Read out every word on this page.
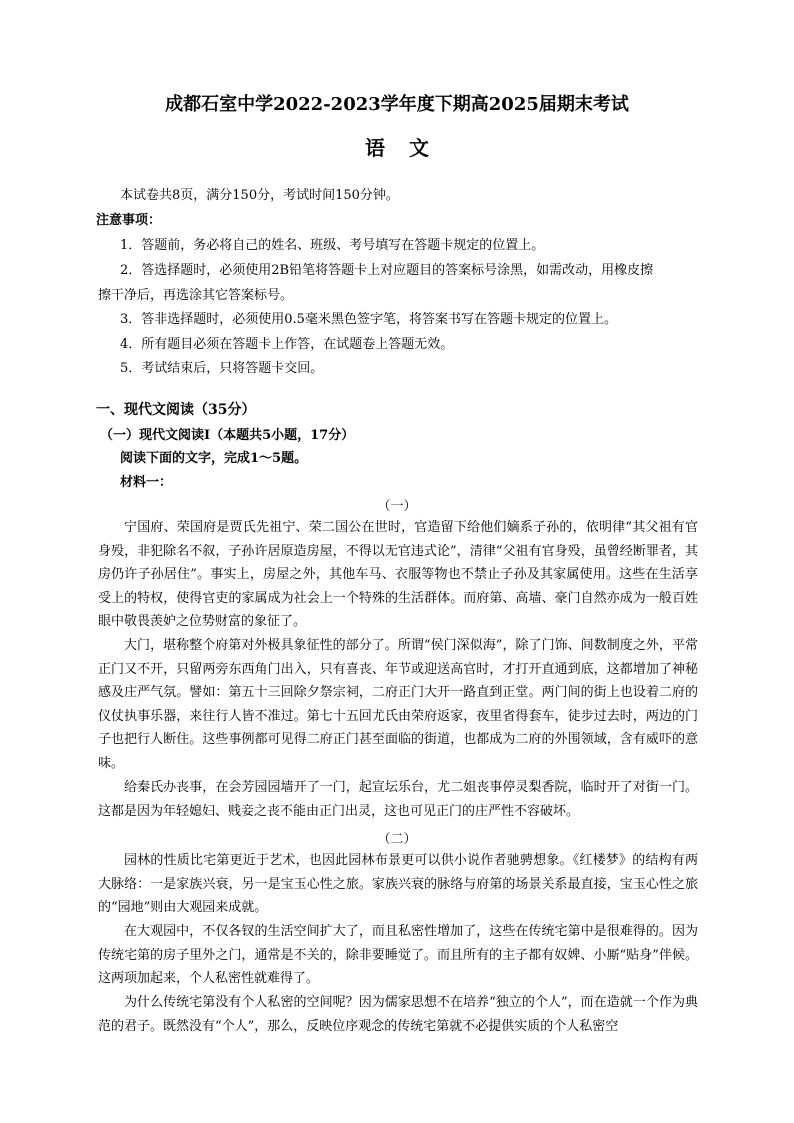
成都石室中学2022-2023学年度下期高2025届期末考试
语 文
本试卷共8页，满分150分，考试时间150分钟。
注意事项：
1．答题前，务必将自己的姓名、班级、考号填写在答题卡规定的位置上。
2．答选择题时，必须使用2B铅笔将答题卡上对应题目的答案标号涂黑，如需改动，用橡皮擦
擦干净后，再选涂其它答案标号。
3．答非选择题时，必须使用0.5毫米黑色签字笔，将答案书写在答题卡规定的位置上。
4．所有题目必须在答题卡上作答，在试题卷上答题无效。
5．考试结束后，只将答题卡交回。
一、现代文阅读（35分）
（一）现代文阅读Ⅰ（本题共5小题，17分）
阅读下面的文字，完成1～5题。
材料一：
（一）

宁国府、荣国府是贾氏先祖宁、荣二国公在世时，官造留下给他们嫡系子孙的，依明律“其父祖有官身殁，非犯除名不叙，子孙许居原造房屋，不得以无官违式论”，清律“父祖有官身殁，虽曾经断罪者，其房仍许子孙居住”。事实上，房屋之外，其他车马、衣服等物也不禁止子孙及其家属使用。这些在生活享受上的特权，使得官吏的家属成为社会上一个特殊的生活群体。而府第、高墙、豪门自然亦成为一般百姓眼中敬畏羡妒之位势财富的象征了。

大门，堪称整个府第对外极具象征性的部分了。所谓“侯门深似海”，除了门饰、间数制度之外，平常正门又不开，只留两旁东西角门出入，只有喜丧、年节或迎送高官时，才打开直通到底，这都增加了神秘感及庄严气氛。譬如：第五十三回除夕祭宗祠，二府正门大开一路直到正堂。两门间的街上也设着二府的仪仗执事乐器，来往行人皆不准过。第七十五回尤氏由荣府返家，夜里省得套车，徒步过去时，两边的门子也把行人断住。这些事例都可见得二府正门甚至面临的街道，也都成为二府的外围领域，含有威吓的意味。

给秦氏办丧事，在会芳园园墙开了一门，起宣坛乐台，尤二姐丧事停灵梨香院，临时开了对街一门。这都是因为年轻媳妇、贱妾之丧不能由正门出灵，这也可见正门的庄严性不容破坏。

（二）

园林的性质比宅第更近于艺术，也因此园林布景更可以供小说作者驰骋想象。《红楼梦》的结构有两大脉络：一是家族兴衰，另一是宝玉心性之旅。家族兴衰的脉络与府第的场景关系最直接，宝玉心性之旅的“园地”则由大观园来成就。

在大观园中，不仅各钗的生活空间扩大了，而且私密性增加了，这些在传统宅第中是很难得的。因为传统宅第的房子里外之门，通常是不关的，除非要睡觉了。而且所有的主子都有奴婢、小厮“贴身”伴候。这两项加起来，个人私密性就难得了。

为什么传统宅第没有个人私密的空间呢？因为儒家思想不在培养“独立的个人”，而在造就一个作为典范的君子。既然没有“个人”，那么，反映位序观念的传统宅第就不必提供实质的个人私密空
